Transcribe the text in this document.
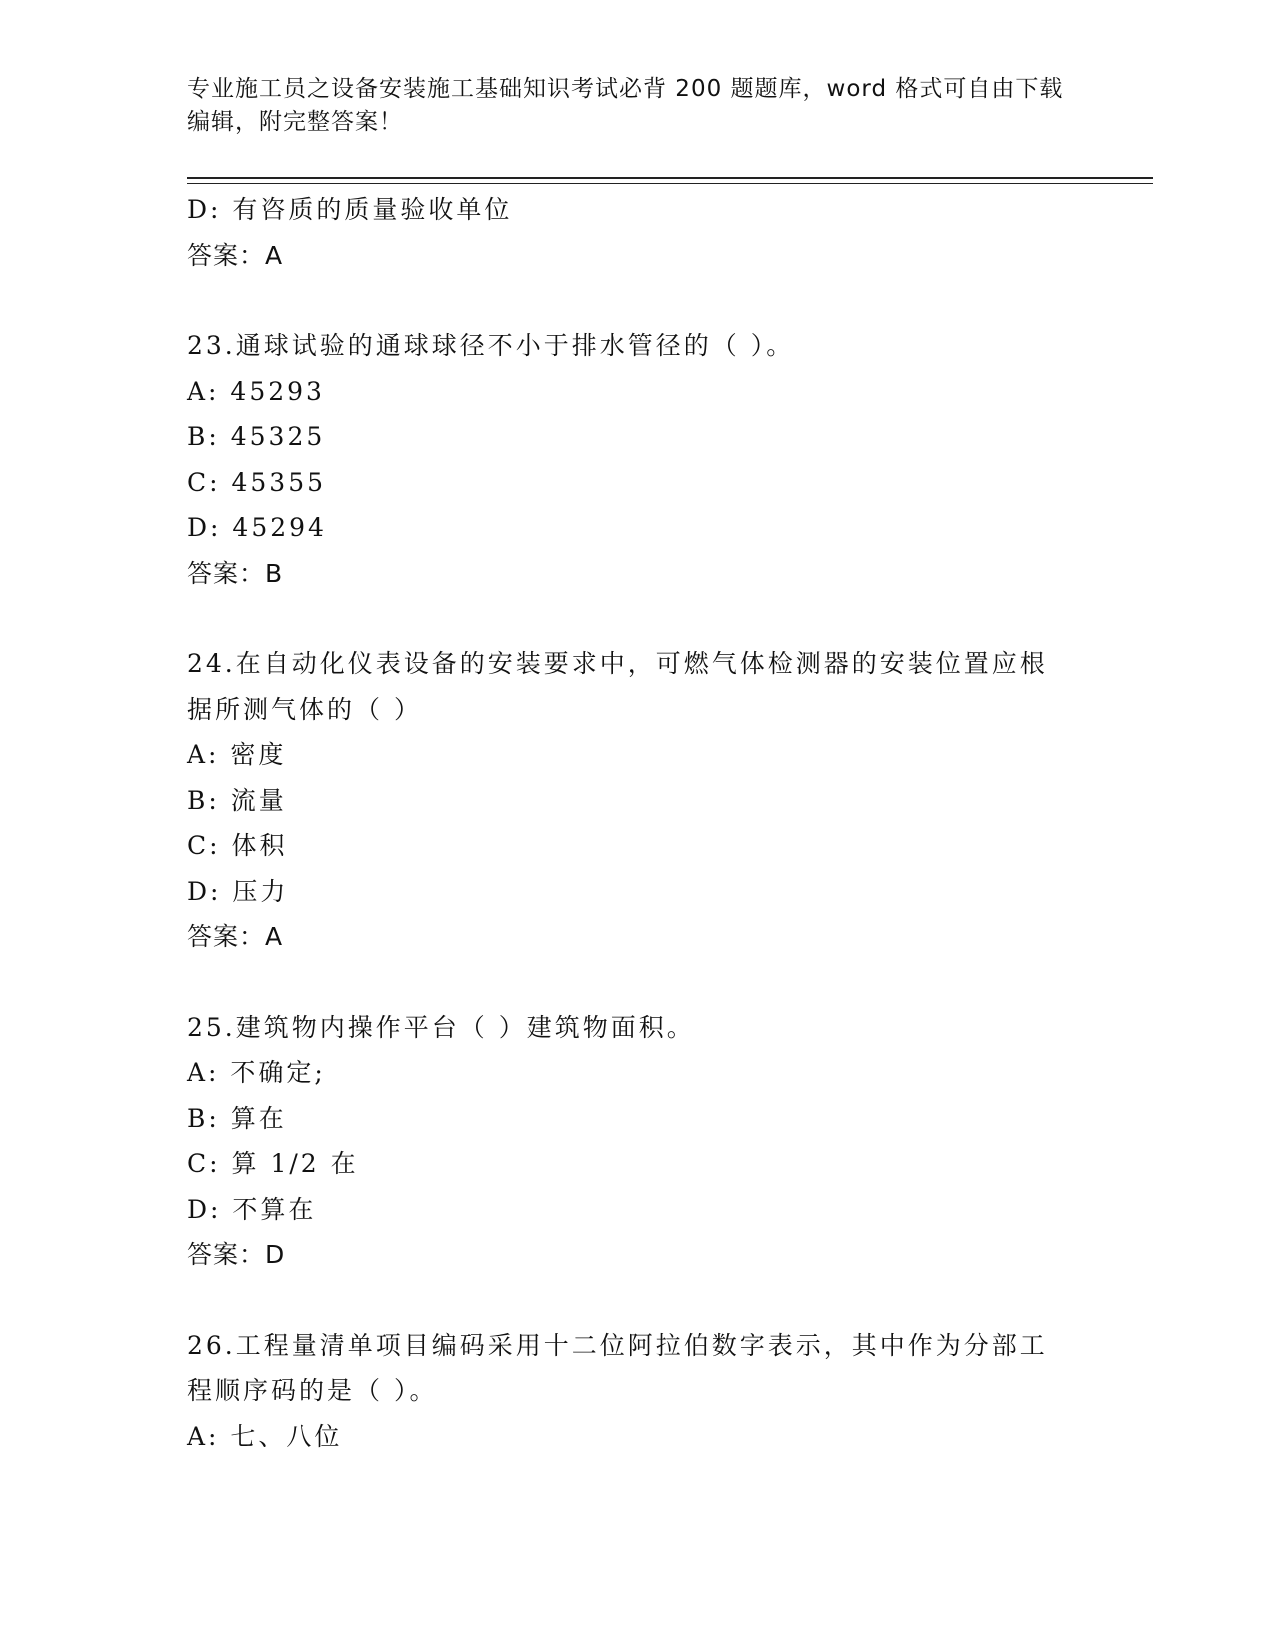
专业施工员之设备安装施工基础知识考试必背 200 题题库，word 格式可自由下载
编辑，附完整答案！
D: 有咨质的质量验收单位
答案：A
23.通球试验的通球球径不小于排水管径的（ ）。
A: 45293
B: 45325
C: 45355
D: 45294
答案：B
24.在自动化仪表设备的安装要求中，可燃气体检测器的安装位置应根
据所测气体的（ ）
A: 密度
B: 流量
C: 体积
D: 压力
答案：A
25.建筑物内操作平台（ ）建筑物面积。
A: 不确定;
B: 算在
C: 算 1/2 在
D: 不算在
答案：D
26.工程量清单项目编码采用十二位阿拉伯数字表示，其中作为分部工
程顺序码的是（ ）。
A: 七、八位
